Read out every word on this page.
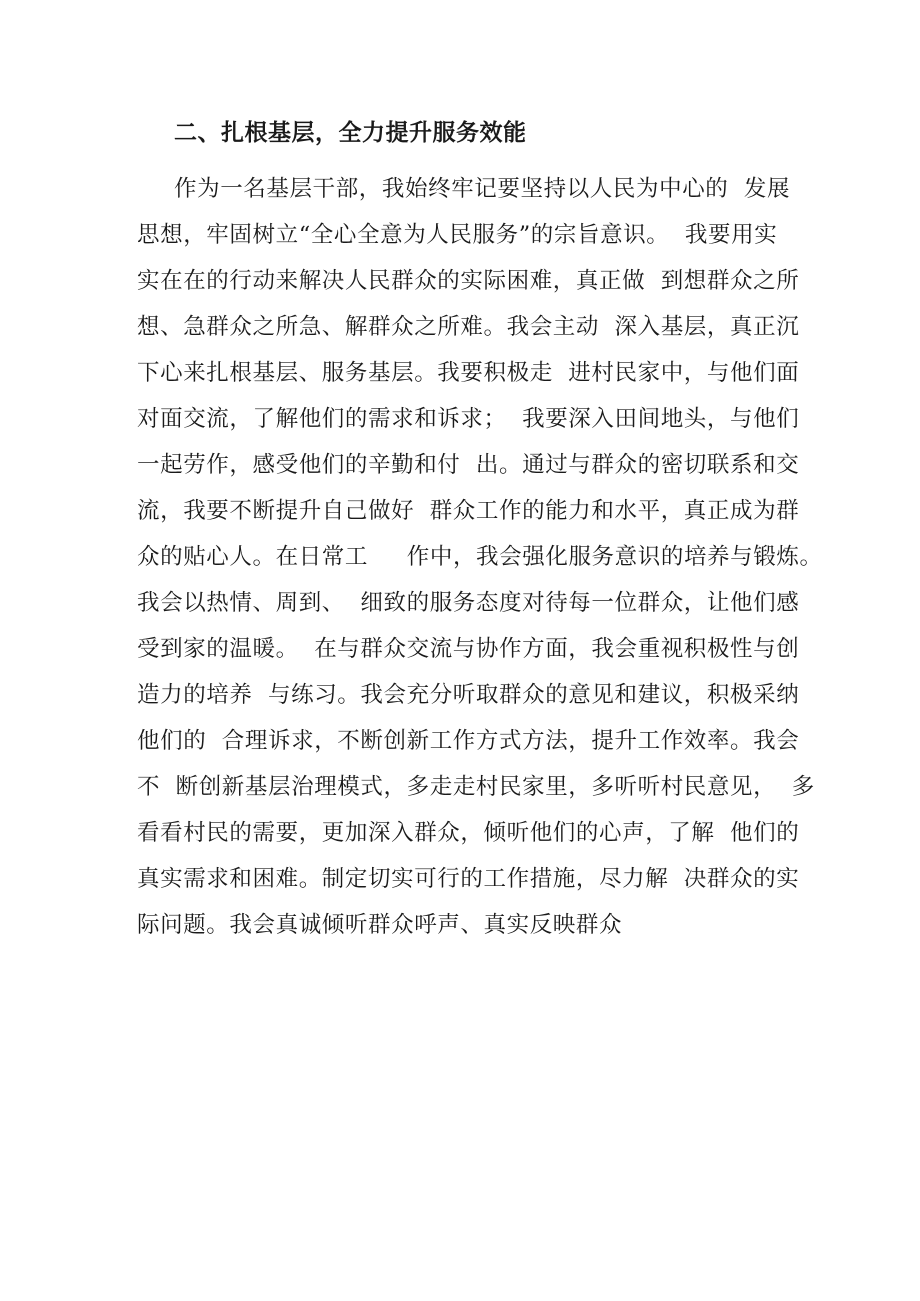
二、扎根基层，全力提升服务效能
作为一名基层干部，我始终牢记要坚持以人民为中心的  发展
思想，牢固树立“全心全意为人民服务”的宗旨意识。  我要用实
实在在的行动来解决人民群众的实际困难，真正做  到想群众之所
想、急群众之所急、解群众之所难。我会主动  深入基层，真正沉
下心来扎根基层、服务基层。我要积极走  进村民家中，与他们面
对面交流，了解他们的需求和诉求；  我要深入田间地头，与他们
一起劳作，感受他们的辛勤和付  出。通过与群众的密切联系和交
流，我要不断提升自己做好  群众工作的能力和水平，真正成为群
众的贴心人。在日常工     作中，我会强化服务意识的培养与锻炼。
我会以热情、周到、  细致的服务态度对待每一位群众，让他们感
受到家的温暖。  在与群众交流与协作方面，我会重视积极性与创
造力的培养  与练习。我会充分听取群众的意见和建议，积极采纳
他们的  合理诉求，不断创新工作方式方法，提升工作效率。我会
不  断创新基层治理模式，多走走村民家里，多听听村民意见，  多
看看村民的需要，更加深入群众，倾听他们的心声，了解  他们的
真实需求和困难。制定切实可行的工作措施，尽力解  决群众的实
际问题。我会真诚倾听群众呼声、真实反映群众
